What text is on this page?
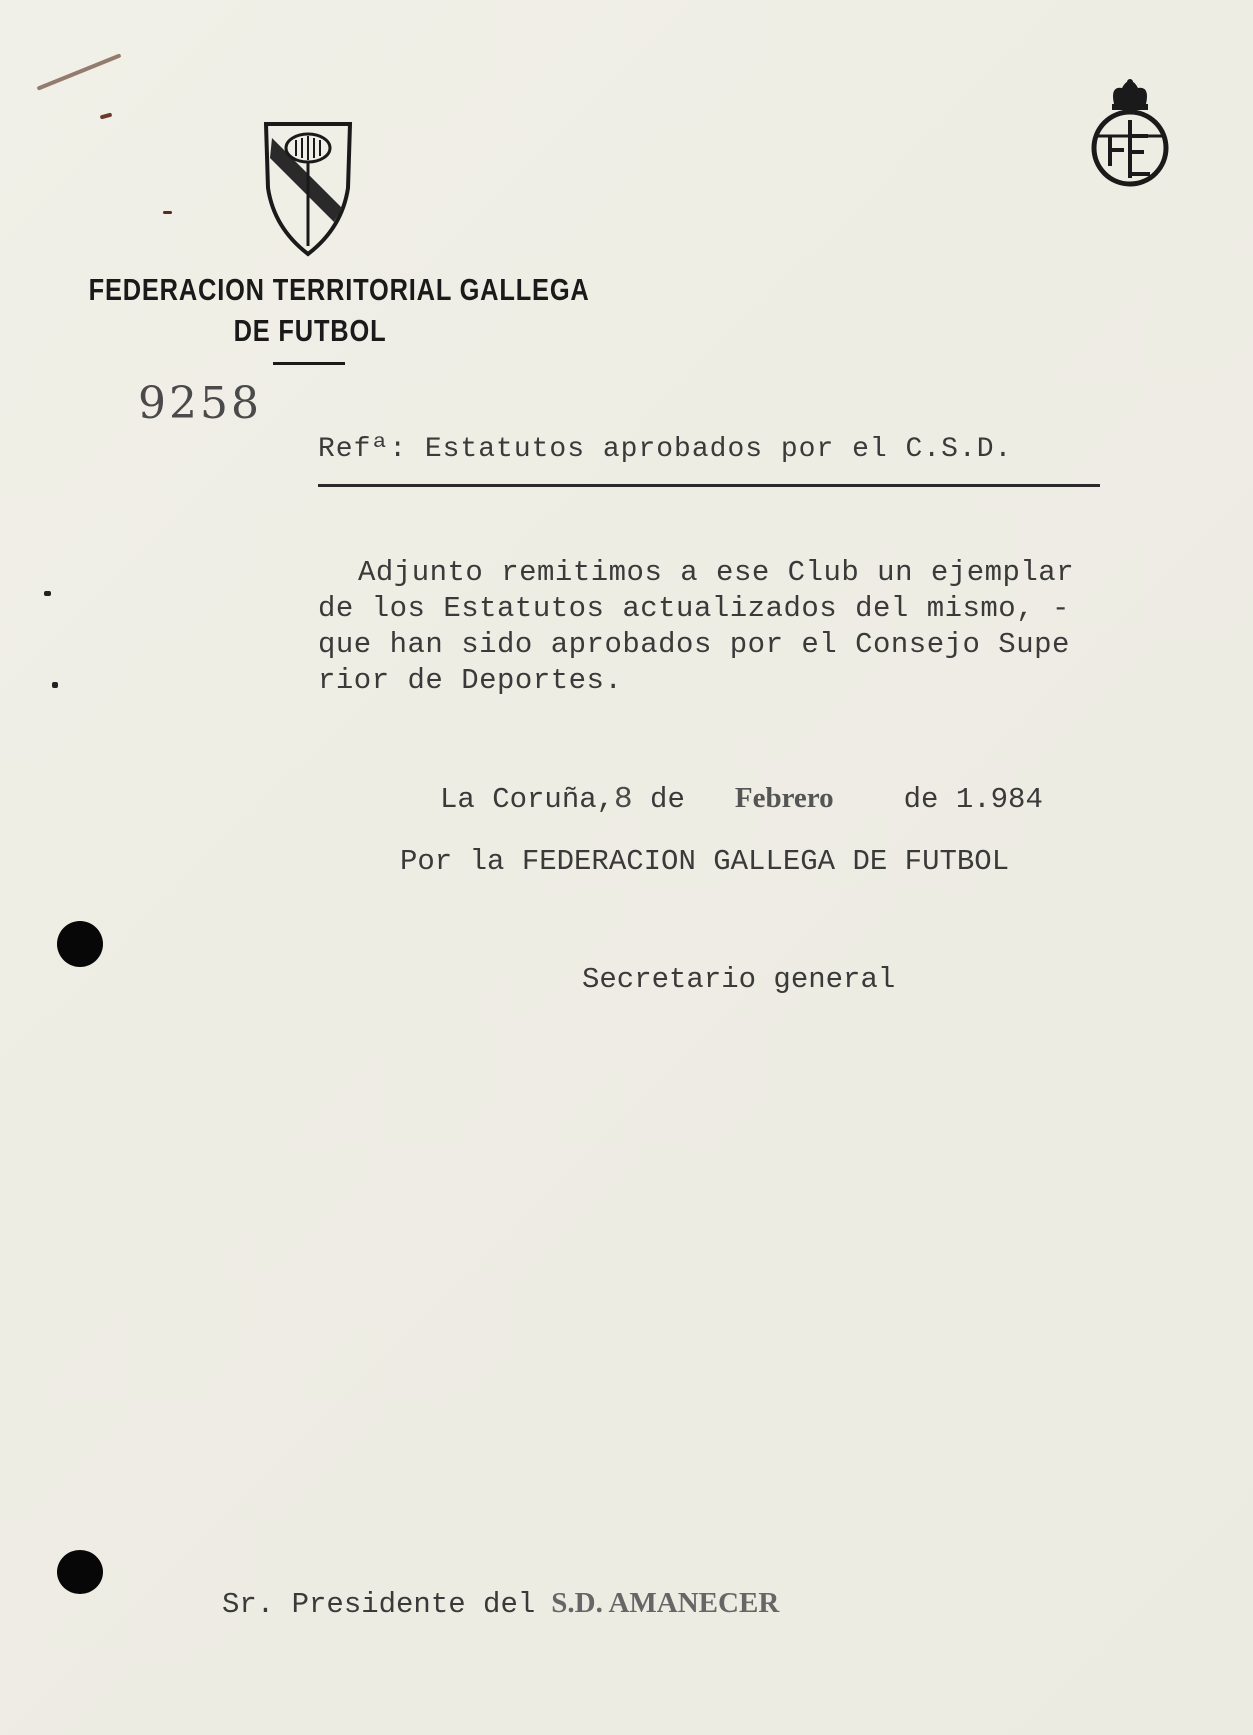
FEDERACION TERRITORIAL GALLEGA
DE FUTBOL
9258
Refª: Estatutos aprobados por el C.S.D.
Adjunto remitimos a ese Club un ejemplar
de los Estatutos actualizados del mismo, -
que han sido aprobados por el Consejo Supe
rior de Deportes.
La Coruña,8 de Febrero de 1.984
Por la FEDERACION GALLEGA DE FUTBOL
Secretario general
Sr. Presidente del S.D. AMANECER
